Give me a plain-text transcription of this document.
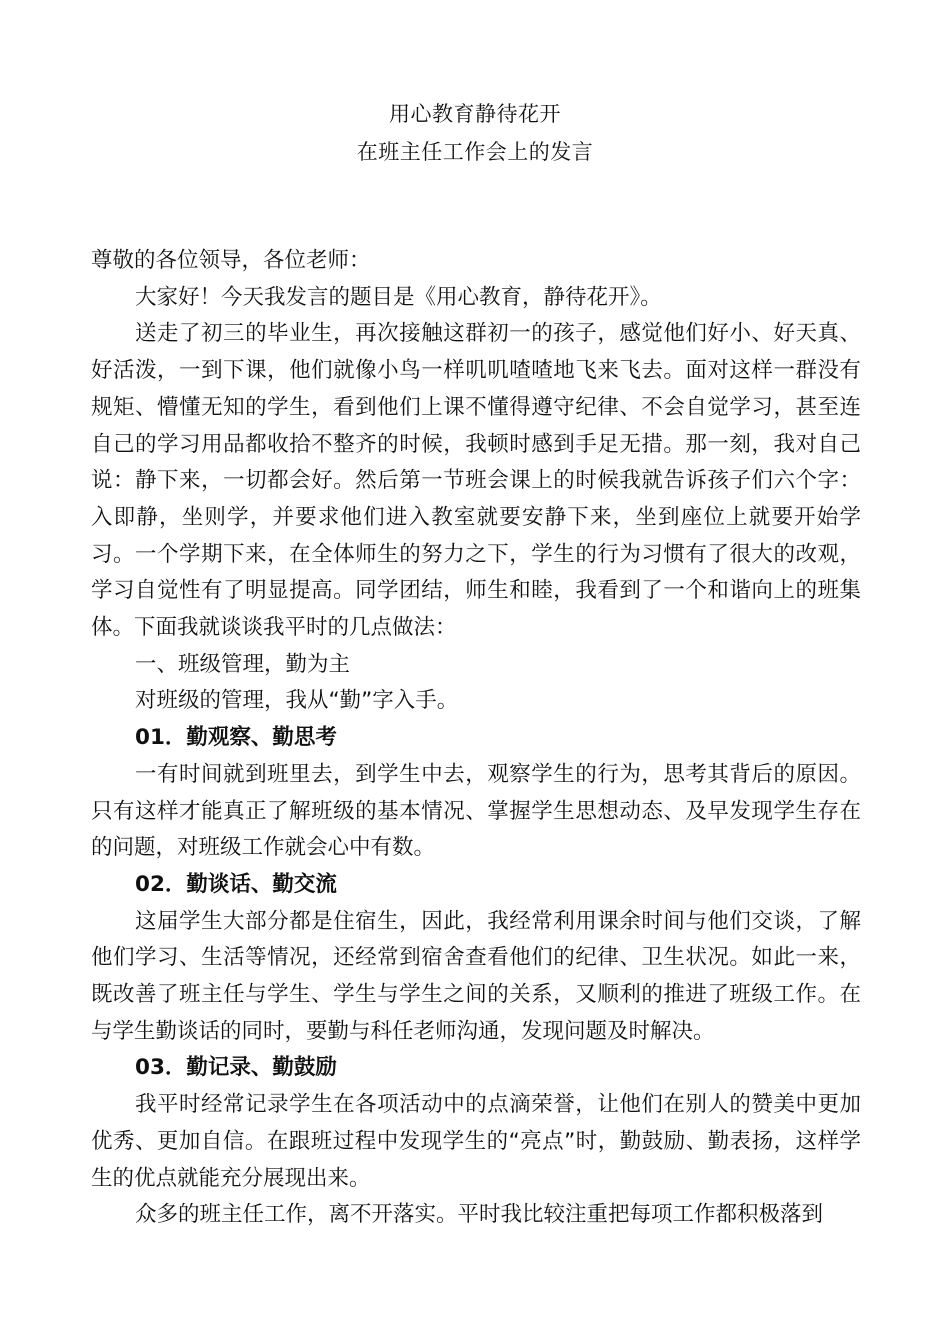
用心教育静待花开
在班主任工作会上的发言

尊敬的各位领导，各位老师：

大家好！今天我发言的题目是《用心教育，静待花开》。

送走了初三的毕业生，再次接触这群初一的孩子，感觉他们好小、好天真、好活泼，一到下课，他们就像小鸟一样叽叽喳喳地飞来飞去。面对这样一群没有规矩、懵懂无知的学生，看到他们上课不懂得遵守纪律、不会自觉学习，甚至连自己的学习用品都收拾不整齐的时候，我顿时感到手足无措。那一刻，我对自己说：静下来，一切都会好。然后第一节班会课上的时候我就告诉孩子们六个字：入即静，坐则学，并要求他们进入教室就要安静下来，坐到座位上就要开始学习。一个学期下来，在全体师生的努力之下，学生的行为习惯有了很大的改观，学习自觉性有了明显提高。同学团结，师生和睦，我看到了一个和谐向上的班集体。下面我就谈谈我平时的几点做法：

一、班级管理，勤为主

对班级的管理，我从“勤”字入手。

01．勤观察、勤思考

一有时间就到班里去，到学生中去，观察学生的行为，思考其背后的原因。只有这样才能真正了解班级的基本情况、掌握学生思想动态、及早发现学生存在的问题，对班级工作就会心中有数。

02．勤谈话、勤交流

这届学生大部分都是住宿生，因此，我经常利用课余时间与他们交谈，了解他们学习、生活等情况，还经常到宿舍查看他们的纪律、卫生状况。如此一来，既改善了班主任与学生、学生与学生之间的关系，又顺利的推进了班级工作。在与学生勤谈话的同时，要勤与科任老师沟通，发现问题及时解决。

03．勤记录、勤鼓励

我平时经常记录学生在各项活动中的点滴荣誉，让他们在别人的赞美中更加优秀、更加自信。在跟班过程中发现学生的“亮点”时，勤鼓励、勤表扬，这样学生的优点就能充分展现出来。

众多的班主任工作，离不开落实。平时我比较注重把每项工作都积极落到
